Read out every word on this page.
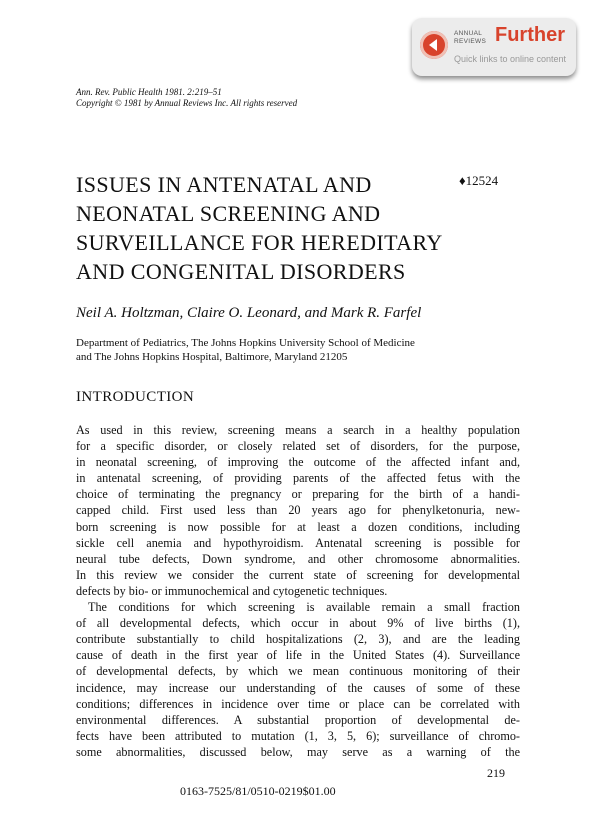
ANNUAL
REVIEWS Further
Quick links to online content
Ann. Rev. Public Health 1981. 2:219–51
Copyright © 1981 by Annual Reviews Inc. All rights reserved
ISSUES IN ANTENATAL AND
NEONATAL SCREENING AND
SURVEILLANCE FOR HEREDITARY
AND CONGENITAL DISORDERS
♦12524
Neil A. Holtzman, Claire O. Leonard, and Mark R. Farfel
Department of Pediatrics, The Johns Hopkins University School of Medicine
and The Johns Hopkins Hospital, Baltimore, Maryland 21205
INTRODUCTION
As used in this review, screening means a search in a healthy population
for a specific disorder, or closely related set of disorders, for the purpose,
in neonatal screening, of improving the outcome of the affected infant and,
in antenatal screening, of providing parents of the affected fetus with the
choice of terminating the pregnancy or preparing for the birth of a handi-
capped child. First used less than 20 years ago for phenylketonuria, new-
born screening is now possible for at least a dozen conditions, including
sickle cell anemia and hypothyroidism. Antenatal screening is possible for
neural tube defects, Down syndrome, and other chromosome abnormalities.
In this review we consider the current state of screening for developmental
defects by bio- or immunochemical and cytogenetic techniques.
The conditions for which screening is available remain a small fraction
of all developmental defects, which occur in about 9% of live births (1),
contribute substantially to child hospitalizations (2, 3), and are the leading
cause of death in the first year of life in the United States (4). Surveillance
of developmental defects, by which we mean continuous monitoring of their
incidence, may increase our understanding of the causes of some of these
conditions; differences in incidence over time or place can be correlated with
environmental differences. A substantial proportion of developmental de-
fects have been attributed to mutation (1, 3, 5, 6); surveillance of chromo-
some abnormalities, discussed below, may serve as a warning of the
219
0163-7525/81/0510-0219$01.00
